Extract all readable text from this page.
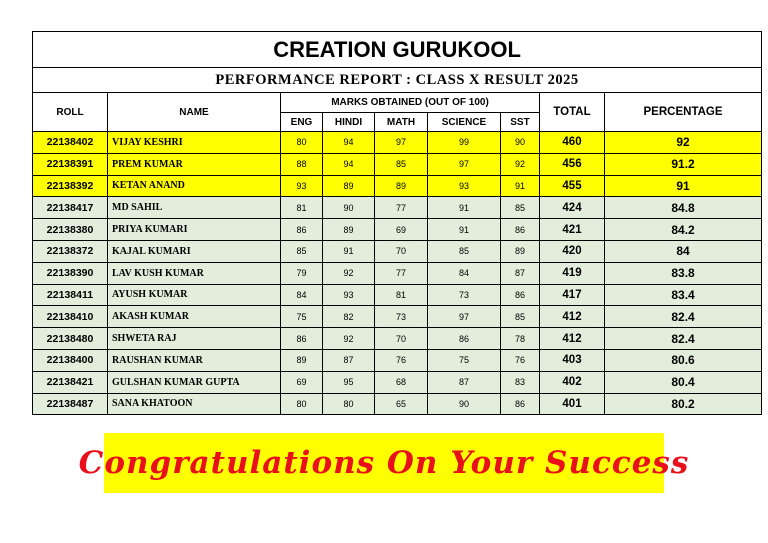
CREATION GURUKOOL								
PERFORMANCE REPORT : CLASS X RESULT 2025								
ROLL	NAME	MARKS OBTAINED (OUT OF 100)					TOTAL	PERCENTAGE
		ENG	HINDI	MATH	SCIENCE	SST		
22138402	VIJAY KESHRI	80	94	97	99	90	460	92
22138391	PREM KUMAR	88	94	85	97	92	456	91.2
22138392	KETAN ANAND	93	89	89	93	91	455	91
22138417	MD SAHIL	81	90	77	91	85	424	84.8
22138380	PRIYA KUMARI	86	89	69	91	86	421	84.2
22138372	KAJAL KUMARI	85	91	70	85	89	420	84
22138390	LAV KUSH KUMAR	79	92	77	84	87	419	83.8
22138411	AYUSH KUMAR	84	93	81	73	86	417	83.4
22138410	AKASH KUMAR	75	82	73	97	85	412	82.4
22138480	SHWETA RAJ	86	92	70	86	78	412	82.4
22138400	RAUSHAN KUMAR	89	87	76	75	76	403	80.6
22138421	GULSHAN KUMAR GUPTA	69	95	68	87	83	402	80.4
22138487	SANA KHATOON	80	80	65	90	86	401	80.2
Congratulations On Your Success
